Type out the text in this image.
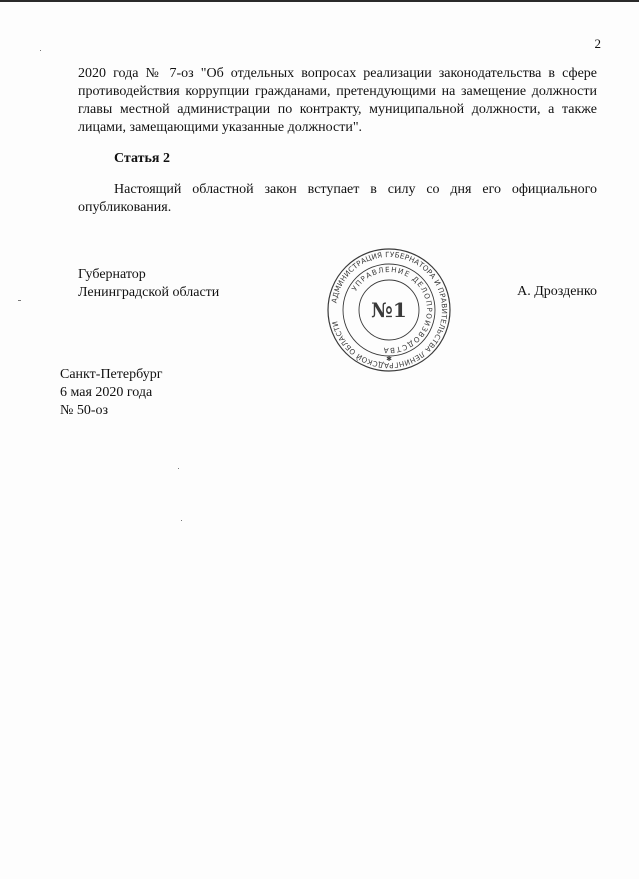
2

2020 года № 7-оз "Об отдельных вопросах реализации законодательства в сфере противодействия коррупции гражданами, претендующими на замещение должности главы местной администрации по контракту, муниципальной должности, а также лицами, замещающими указанные должности".

Статья 2

Настоящий областной закон вступает в силу со дня его официального опубликования.

Губернатор
Ленинградской области	А. Дрозденко
АДМИНИСТРАЦИЯ ГУБЕРНАТОРА И ПРАВИТЕЛЬСТВА ЛЕНИНГРАДСКОЙ ОБЛАСТИ
УПРАВЛЕНИЕ ДЕЛОПРОИЗВОДСТВА
№1
✱
Санкт-Петербург
6 мая 2020 года
№ 50-оз
